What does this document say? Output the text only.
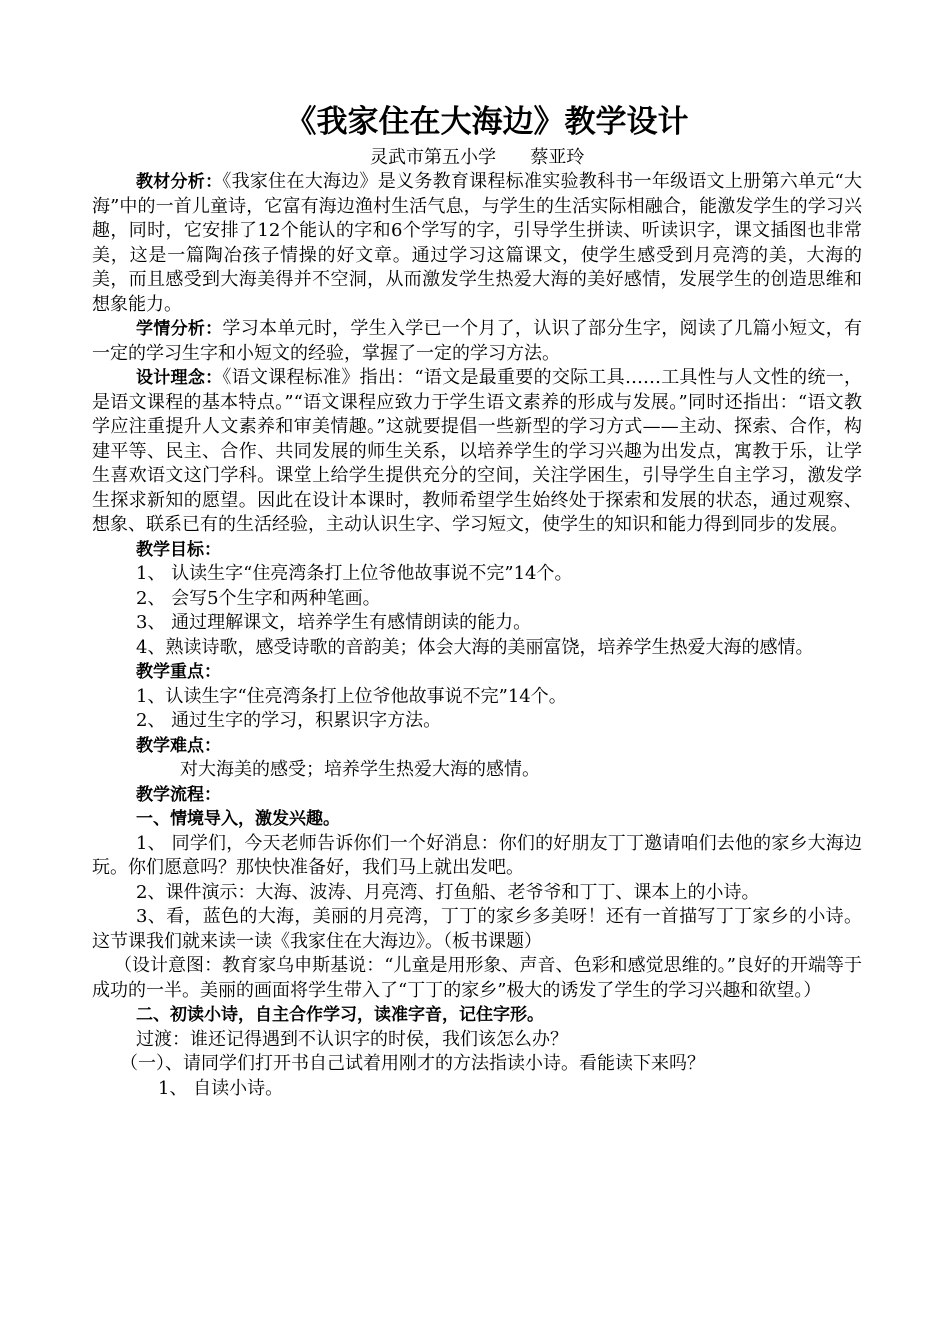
《我家住在大海边》教学设计
灵武市第五小学      蔡亚玲

教材分析：《我家住在大海边》是义务教育课程标准实验教科书一年级语文上册第六单元“大海”中的一首儿童诗，它富有海边渔村生活气息，与学生的生活实际相融合，能激发学生的学习兴趣，同时，它安排了12个能认的字和6个学写的字，引导学生拼读、听读识字，课文插图也非常美，这是一篇陶冶孩子情操的好文章。通过学习这篇课文，使学生感受到月亮湾的美，大海的美，而且感受到大海美得并不空洞，从而激发学生热爱大海的美好感情，发展学生的创造思维和想象能力。

学情分析：学习本单元时，学生入学已一个月了，认识了部分生字，阅读了几篇小短文，有一定的学习生字和小短文的经验，掌握了一定的学习方法。

设计理念：《语文课程标准》指出：“语文是最重要的交际工具……工具性与人文性的统一，是语文课程的基本特点。”“语文课程应致力于学生语文素养的形成与发展。”同时还指出：“语文教学应注重提升人文素养和审美情趣。”这就要提倡一些新型的学习方式——主动、探索、合作，构建平等、民主、合作、共同发展的师生关系，以培养学生的学习兴趣为出发点，寓教于乐，让学生喜欢语文这门学科。课堂上给学生提供充分的空间，关注学困生，引导学生自主学习，激发学生探求新知的愿望。因此在设计本课时，教师希望学生始终处于探索和发展的状态，通过观察、想象、联系已有的生活经验，主动认识生字、学习短文，使学生的知识和能力得到同步的发展。

教学目标：

1、 认读生字“住亮湾条打上位爷他故事说不完”14个。

2、 会写5个生字和两种笔画。

3、 通过理解课文，培养学生有感情朗读的能力。

4、熟读诗歌，感受诗歌的音韵美；体会大海的美丽富饶，培养学生热爱大海的感情。

教学重点：

1、认读生字“住亮湾条打上位爷他故事说不完”14个。

2、 通过生字的学习，积累识字方法。

教学难点：

对大海美的感受；培养学生热爱大海的感情。

教学流程：

一、情境导入，激发兴趣。

1、 同学们，今天老师告诉你们一个好消息：你们的好朋友丁丁邀请咱们去他的家乡大海边玩。你们愿意吗？那快快准备好，我们马上就出发吧。

2、课件演示：大海、波涛、月亮湾、打鱼船、老爷爷和丁丁、课本上的小诗。

3、看，蓝色的大海，美丽的月亮湾，丁丁的家乡多美呀！还有一首描写丁丁家乡的小诗。这节课我们就来读一读《我家住在大海边》。（板书课题）

（设计意图：教育家乌申斯基说：“儿童是用形象、声音、色彩和感觉思维的。”良好的开端等于成功的一半。美丽的画面将学生带入了“丁丁的家乡”极大的诱发了学生的学习兴趣和欲望。）

二、初读小诗，自主合作学习，读准字音，记住字形。

过渡：谁还记得遇到不认识字的时侯，我们该怎么办？

（一）、请同学们打开书自己试着用刚才的方法指读小诗。看能读下来吗？

1、 自读小诗。
